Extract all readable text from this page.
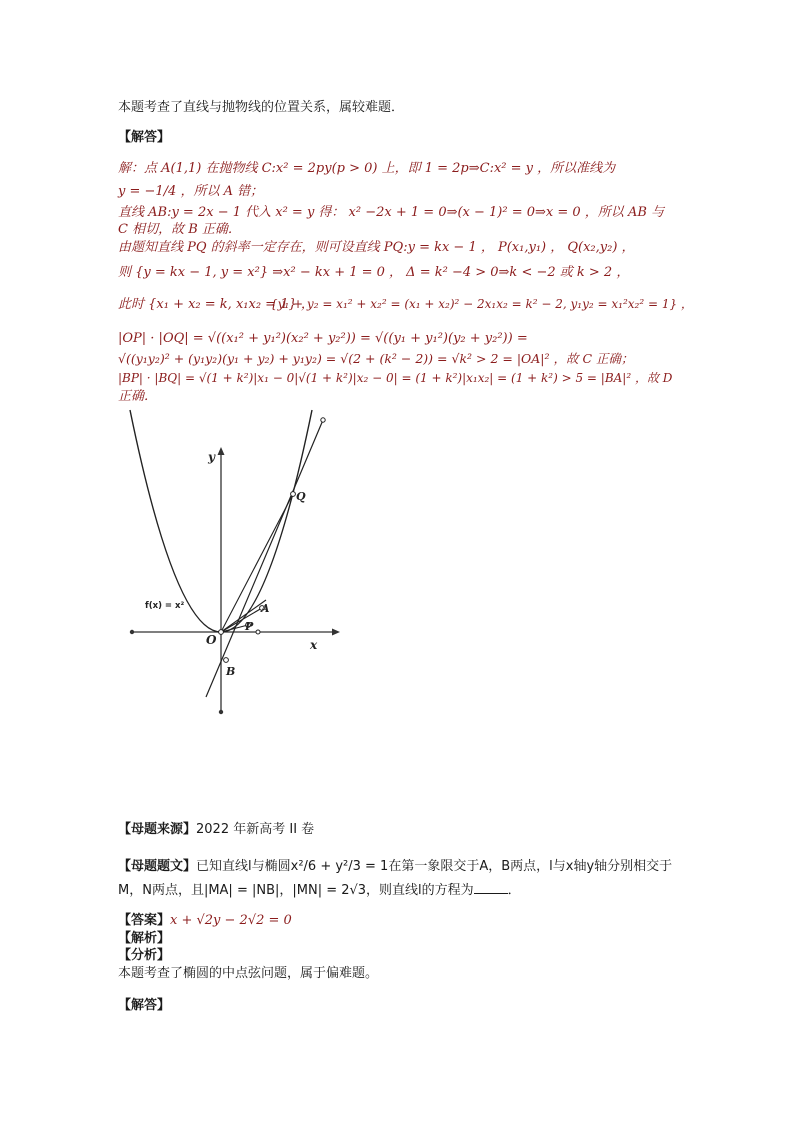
本题考查了直线与抛物线的位置关系，属较难题．
【解答】
解：点 A(1,1) 在抛物线 C:x² = 2py(p > 0) 上，即 1 = 2p⇒C:x² = y ，所以准线为
y = −1/4 ，所以 A 错；
直线 AB:y = 2x − 1 代入 x² = y 得： x² −2x + 1 = 0⇒(x − 1)² = 0⇒x = 0 ，所以 AB 与
C 相切，故 B 正确．
由题知直线 PQ 的斜率一定存在，则可设直线 PQ:y = kx − 1 ， P(x₁,y₁) ， Q(x₂,y₂) ，
则 {y = kx − 1, y = x²} ⇒x² − kx + 1 = 0 ， Δ = k² −4 > 0⇒k < −2 或 k > 2 ，
此时 {x₁ + x₂ = k, x₁x₂ = 1} ，
{y₁ + y₂ = x₁² + x₂² = (x₁ + x₂)² − 2x₁x₂ = k² − 2, y₁y₂ = x₁²x₂² = 1} ，
|OP| · |OQ| = √((x₁² + y₁²)(x₂² + y₂²)) = √((y₁ + y₁²)(y₂ + y₂²)) =
√((y₁y₂)² + (y₁y₂)(y₁ + y₂) + y₁y₂) = √(2 + (k² − 2)) = √k² > 2 = |OA|² ，故 C 正确；
|BP| · |BQ| = √(1 + k²)|x₁ − 0|√(1 + k²)|x₂ − 0| = (1 + k²)|x₁x₂| = (1 + k²) > 5 = |BA|² ，故 D
正确．
f(x) = x²
y
x
O
A
P
B
Q
【母题来源】2022 年新高考 II 卷
【母题题文】已知直线l与椭圆x²/6 + y²/3 = 1在第一象限交于A，B两点，l与x轴y轴分别相交于
M，N两点，且|MA| = |NB|，|MN| = 2√3，则直线l的方程为	．
【答案】x + √2y − 2√2 = 0
【解析】
【分析】
本题考查了椭圆的中点弦问题，属于偏难题。
【解答】
